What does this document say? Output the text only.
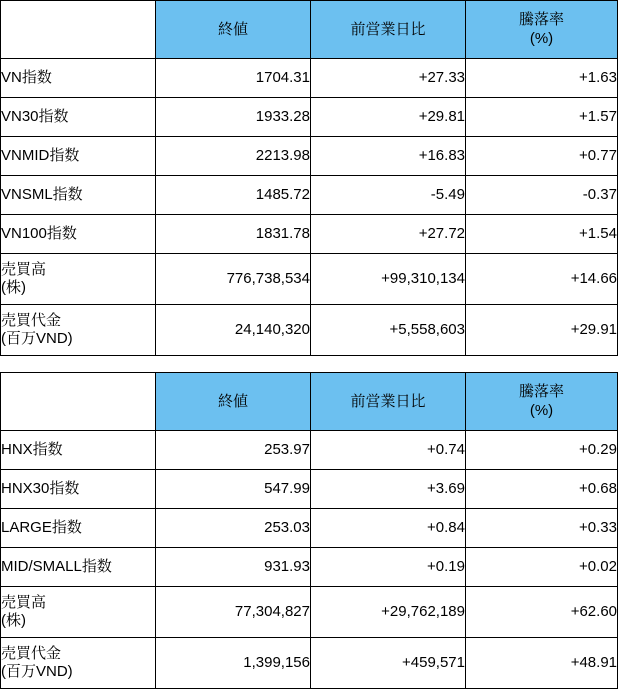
	終値	前営業日比	騰落率
(%)

VN指数	1704.31	+27.33	+1.63
VN30指数	1933.28	+29.81	+1.57
VNMID指数	2213.98	+16.83	+0.77
VNSML指数	1485.72	-5.49	-0.37
VN100指数	1831.78	+27.72	+1.54

売買高
(株)	776,738,534	+99,310,134	+14.66

売買代金
(百万VND)	24,140,320	+5,558,603	+29.91
	終値	前営業日比	騰落率
(%)

HNX指数	253.97	+0.74	+0.29
HNX30指数	547.99	+3.69	+0.68
LARGE指数	253.03	+0.84	+0.33
MID/SMALL指数	931.93	+0.19	+0.02

売買高
(株)	77,304,827	+29,762,189	+62.60

売買代金
(百万VND)	1,399,156	+459,571	+48.91
